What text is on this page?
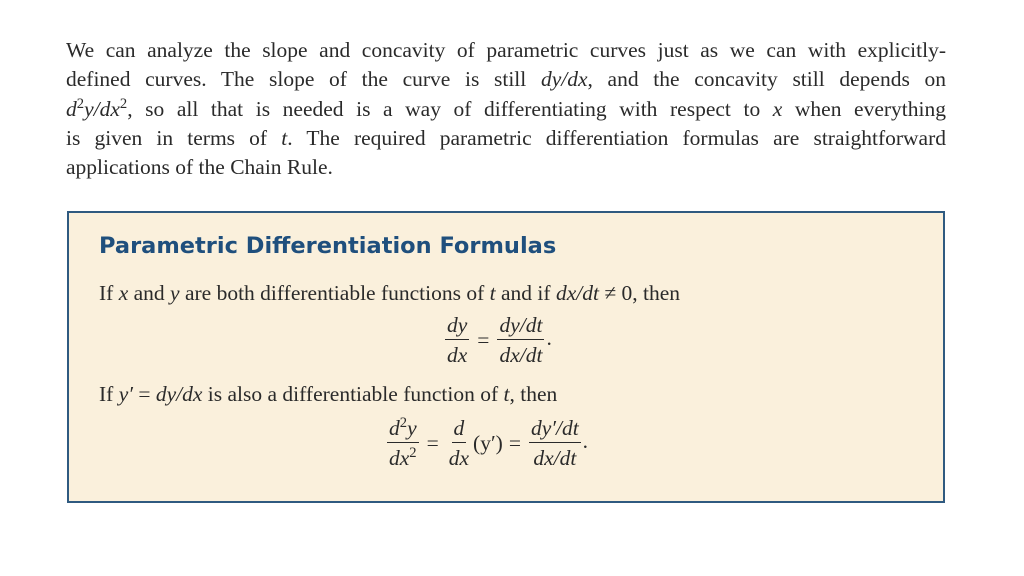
We can analyze the slope and concavity of parametric curves just as we can with explicitly-
defined curves. The slope of the curve is still dy/dx, and the concavity still depends on
$d^2y/dx^2$, so all that is needed is a way of differentiating with respect to x when everything
is given in terms of t. The required parametric differentiation formulas are straightforward
applications of the Chain Rule.
Parametric Differentiation Formulas
If x and y are both differentiable functions of t and if dx/dt ≠ 0, then
$\frac{dy}{dx} = \frac{dy/dt}{dx/dt}$ .
If y′ = dy/dx is also a differentiable function of t, then
$\frac{d^2y}{dx^2} = \frac{d}{dx} (y') = \frac{dy'/dt}{dx/dt}$ .
